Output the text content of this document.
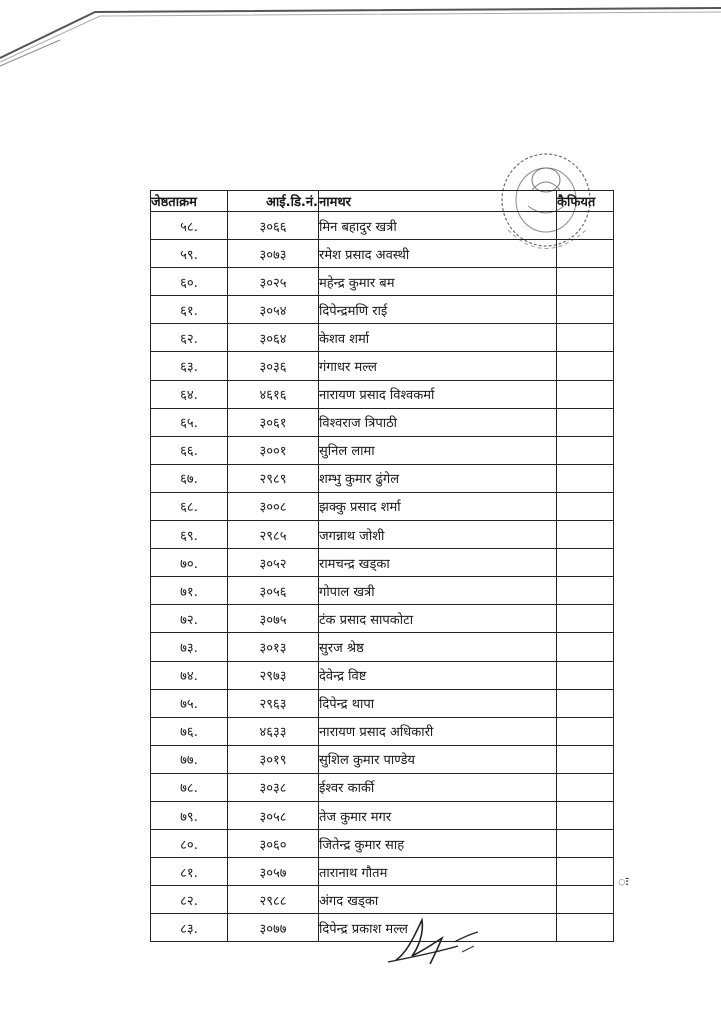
जेष्ठताक्रम	आई.डि.नं.	नामथर	कैफियत
५८.	३०६६	मिन बहादुर खत्री	
५९.	३०७३	रमेश प्रसाद अवस्थी	
६०.	३०२५	महेन्द्र कुमार बम	
६१.	३०५४	दिपेन्द्रमणि राई	
६२.	३०६४	केशव शर्मा	
६३.	३०३६	गंगाधर मल्ल	
६४.	४६१६	नारायण प्रसाद विश्वकर्मा	
६५.	३०६१	विश्वराज त्रिपाठी	
६६.	३००१	सुनिल लामा	
६७.	२९८९	शम्भु कुमार ढुंगेल	
६८.	३००८	झक्कु प्रसाद शर्मा	
६९.	२९८५	जगन्नाथ जोशी	
७०.	३०५२	रामचन्द्र खड्का	
७१.	३०५६	गोपाल खत्री	
७२.	३०७५	टंक प्रसाद सापकोटा	
७३.	३०१३	सुरज श्रेष्ठ	
७४.	२९७३	देवेन्द्र विष्ट	
७५.	२९६३	दिपेन्द्र थापा	
७६.	४६३३	नारायण प्रसाद अधिकारी	
७७.	३०१९	सुशिल कुमार पाण्डेय	
७८.	३०३८	ईश्वर कार्की	
७९.	३०५८	तेज कुमार मगर	
८०.	३०६०	जितेन्द्र कुमार साह	
८१.	३०५७	तारानाथ गौतम	
८२.	२९८८	अंगद खड्का	
८३.	३०७७	दिपेन्द्र प्रकाश मल्ल	
ः
